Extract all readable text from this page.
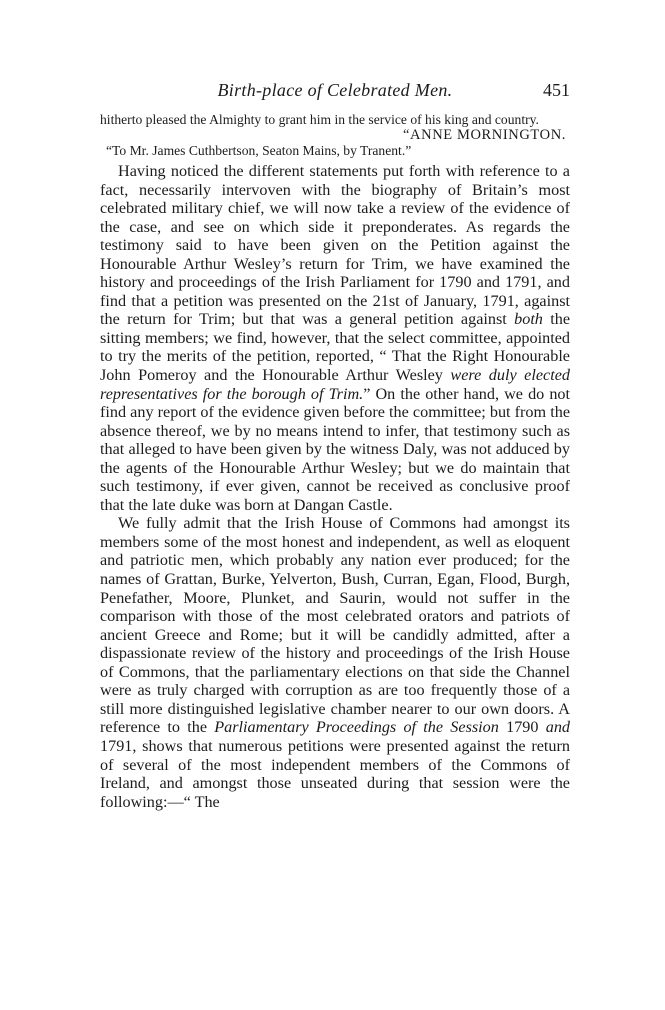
Birth-place of Celebrated Men.	451
hitherto pleased the Almighty to grant him in the service of his king and country.
“ANNE MORNINGTON.
“To Mr. James Cuthbertson, Seaton Mains, by Tranent.”

Having noticed the different statements put forth with reference to a fact, necessarily intervoven with the biography of Britain’s most celebrated military chief, we will now take a review of the evidence of the case, and see on which side it preponderates. As regards the testimony said to have been given on the Petition against the Honourable Arthur Wesley’s return for Trim, we have examined the history and proceedings of the Irish Parliament for 1790 and 1791, and find that a petition was presented on the 21st of January, 1791, against the return for Trim; but that was a general petition against both the sitting members; we find, however, that the select committee, appointed to try the merits of the petition, reported, “ That the Right Honourable John Pomeroy and the Honourable Arthur Wesley were duly elected representatives for the borough of Trim.” On the other hand, we do not find any report of the evidence given before the committee; but from the absence thereof, we by no means intend to infer, that testimony such as that alleged to have been given by the witness Daly, was not adduced by the agents of the Honourable Arthur Wesley; but we do maintain that such testimony, if ever given, cannot be received as conclusive proof that the late duke was born at Dangan Castle.

We fully admit that the Irish House of Commons had amongst its members some of the most honest and independent, as well as eloquent and patriotic men, which probably any nation ever produced; for the names of Grattan, Burke, Yelverton, Bush, Curran, Egan, Flood, Burgh, Penefather, Moore, Plunket, and Saurin, would not suffer in the comparison with those of the most celebrated orators and patriots of ancient Greece and Rome; but it will be candidly admitted, after a dispassionate review of the history and proceedings of the Irish House of Commons, that the parliamentary elections on that side the Channel were as truly charged with corruption as are too frequently those of a still more distinguished legislative chamber nearer to our own doors. A reference to the Parliamentary Proceedings of the Session 1790 and 1791, shows that numerous petitions were presented against the return of several of the most independent members of the Commons of Ireland, and amongst those unseated during that session were the following:—“ The
